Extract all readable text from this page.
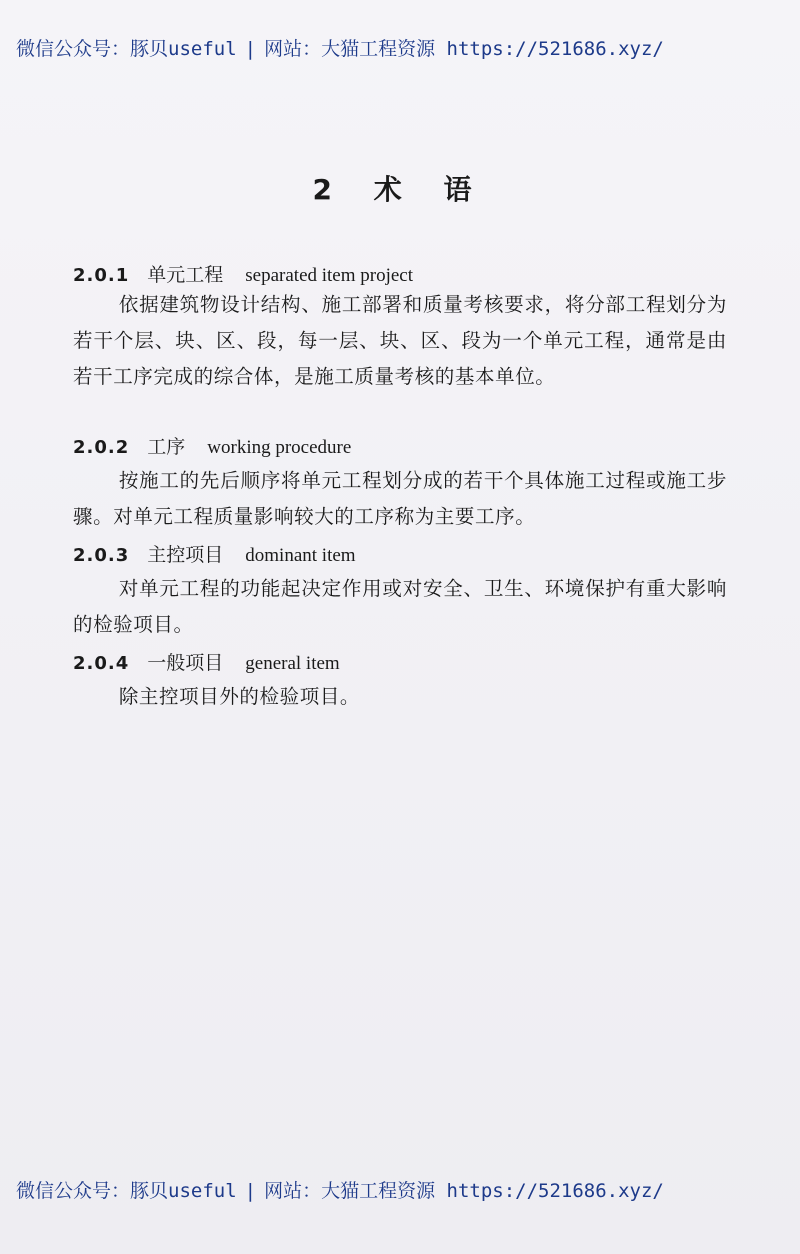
微信公众号：豚贝useful | 网站：大猫工程资源 https://521686.xyz/
2 术 语
2.0.1 单元工程 separated item project
依据建筑物设计结构、施工部署和质量考核要求，将分部工程划分为若干个层、块、区、段，每一层、块、区、段为一个单元工程，通常是由若干工序完成的综合体，是施工质量考核的基本单位。
2.0.2 工序 working procedure
按施工的先后顺序将单元工程划分成的若干个具体施工过程或施工步骤。对单元工程质量影响较大的工序称为主要工序。
2.0.3 主控项目 dominant item
对单元工程的功能起决定作用或对安全、卫生、环境保护有重大影响的检验项目。
2.0.4 一般项目 general item
除主控项目外的检验项目。
微信公众号：豚贝useful | 网站：大猫工程资源 https://521686.xyz/
